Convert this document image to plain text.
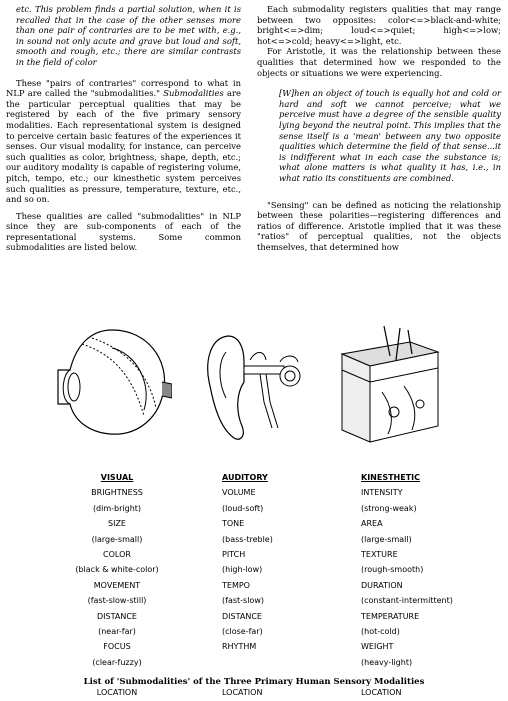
etc. This problem finds a partial solution, when it is recalled that in the case of the other senses more than one pair of contraries are to be met with, e.g., in sound not only acute and grave but loud and soft, smooth and rough, etc.; there are similar contrasts in the field of color

These "pairs of contraries" correspond to what in NLP are called the "submodalities." Submodalities are the particular perceptual qualities that may be registered by each of the five primary sensory modalities. Each representational system is designed to perceive certain basic features of the experiences it senses. Our visual modality, for instance, can perceive such qualities as color, brightness, shape, depth, etc.; our auditory modality is capable of registering volume, pitch, tempo, etc.; our kinesthetic system perceives such qualities as pressure, temperature, texture, etc., and so on.

These qualities are called "submodalities" in NLP since they are sub-components of each of the representational systems. Some common submodalities are listed below.

Each submodality registers qualities that may range between two opposites: color<=>black-and-white; bright<=>dim; loud<=>quiet; high<=>low; hot<=>cold; heavy<=>light, etc.

For Aristotle, it was the relationship between these qualities that determined how we responded to the objects or situations we were experiencing.

[W]hen an object of touch is equally hot and cold or hard and soft we cannot perceive; what we perceive must have a degree of the sensible quality lying beyond the neutral point. This implies that the sense itself is a 'mean' between any two opposite qualities which determine the field of that sense...it is indifferent what in each case the substance is; what alone matters is what quality it has, i.e., in what ratio its constituents are combined.

"Sensing" can be defined as noticing the relationship between these polarities—registering differences and ratios of difference. Aristotle implied that it was these "ratios" of perceptual qualities, not the objects themselves, that determined how

VISUAL
BRIGHTNESS
(dim-bright)
SIZE
(large-small)
COLOR
(black & white-color)
MOVEMENT
(fast-slow-still)
DISTANCE
(near-far)
FOCUS
(clear-fuzzy)
LOCATION
AUDITORY
VOLUME
(loud-soft)
TONE
(bass-treble)
PITCH
(high-low)
TEMPO
(fast-slow)
DISTANCE
(close-far)
RHYTHM
LOCATION
KINESTHETIC
INTENSITY
(strong-weak)
AREA
(large-small)
TEXTURE
(rough-smooth)
DURATION
(constant-intermittent)
TEMPERATURE
(hot-cold)
WEIGHT
(heavy-light)
LOCATION
List of 'Submodalities' of the Three Primary Human Sensory Modalities
